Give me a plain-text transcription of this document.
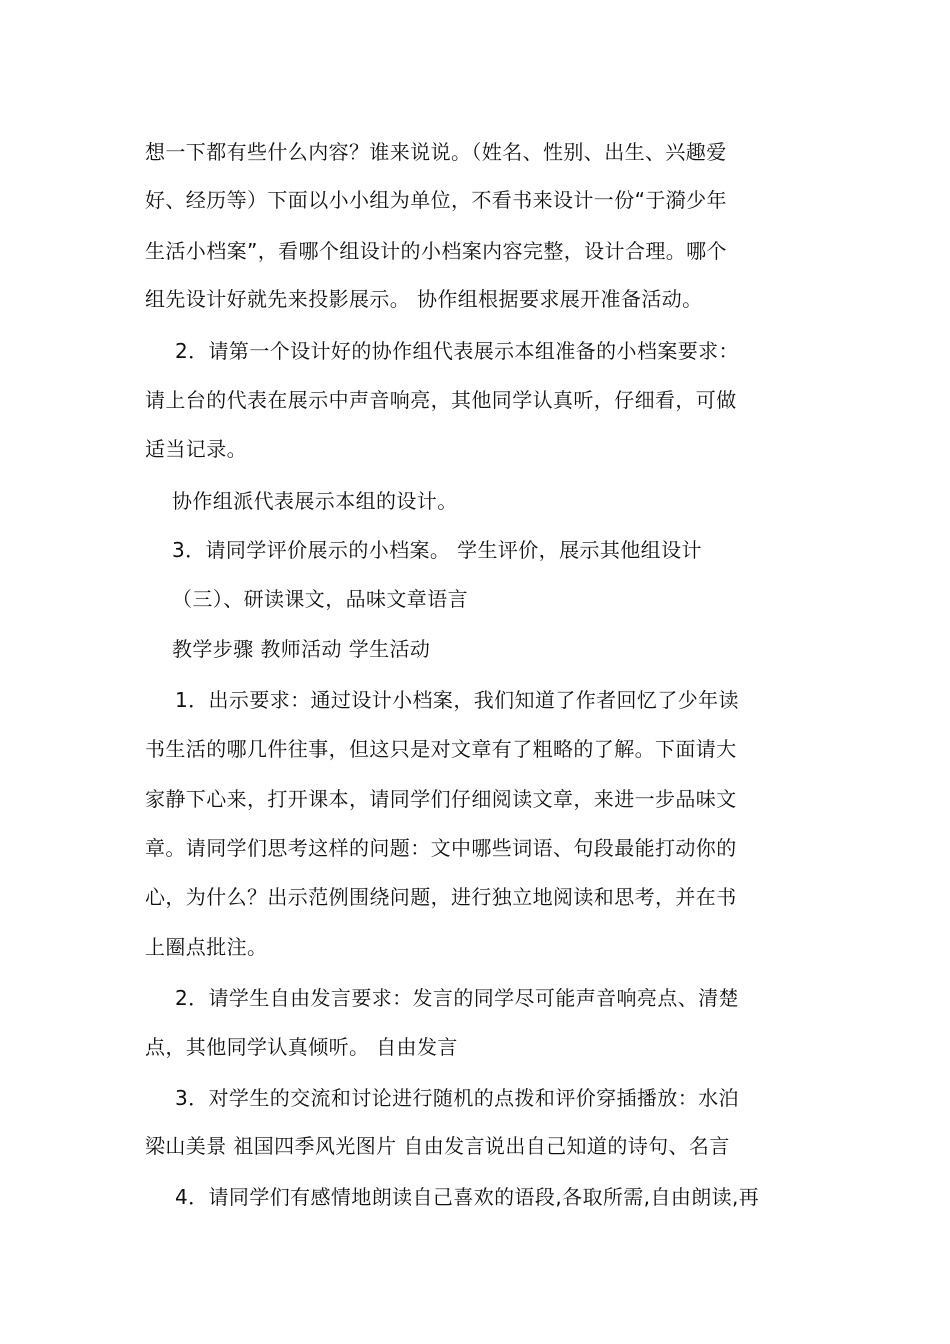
想一下都有些什么内容？谁来说说。（姓名、性别、出生、兴趣爱
好、经历等）下面以小小组为单位，不看书来设计一份“于漪少年
生活小档案”，看哪个组设计的小档案内容完整，设计合理。哪个
组先设计好就先来投影展示。 协作组根据要求展开准备活动。
2．请第一个设计好的协作组代表展示本组准备的小档案要求：
请上台的代表在展示中声音响亮，其他同学认真听，仔细看，可做
适当记录。
协作组派代表展示本组的设计。
3．请同学评价展示的小档案。 学生评价，展示其他组设计
（三）、研读课文，品味文章语言
教学步骤 教师活动 学生活动
1．出示要求：通过设计小档案，我们知道了作者回忆了少年读
书生活的哪几件往事，但这只是对文章有了粗略的了解。下面请大
家静下心来，打开课本，请同学们仔细阅读文章，来进一步品味文
章。请同学们思考这样的问题：文中哪些词语、句段最能打动你的
心，为什么？出示范例围绕问题，进行独立地阅读和思考，并在书
上圈点批注。
2．请学生自由发言要求：发言的同学尽可能声音响亮点、清楚
点，其他同学认真倾听。 自由发言
3．对学生的交流和讨论进行随机的点拨和评价穿插播放：水泊
梁山美景 祖国四季风光图片 自由发言说出自己知道的诗句、名言
4．请同学们有感情地朗读自己喜欢的语段,各取所需,自由朗读,再
